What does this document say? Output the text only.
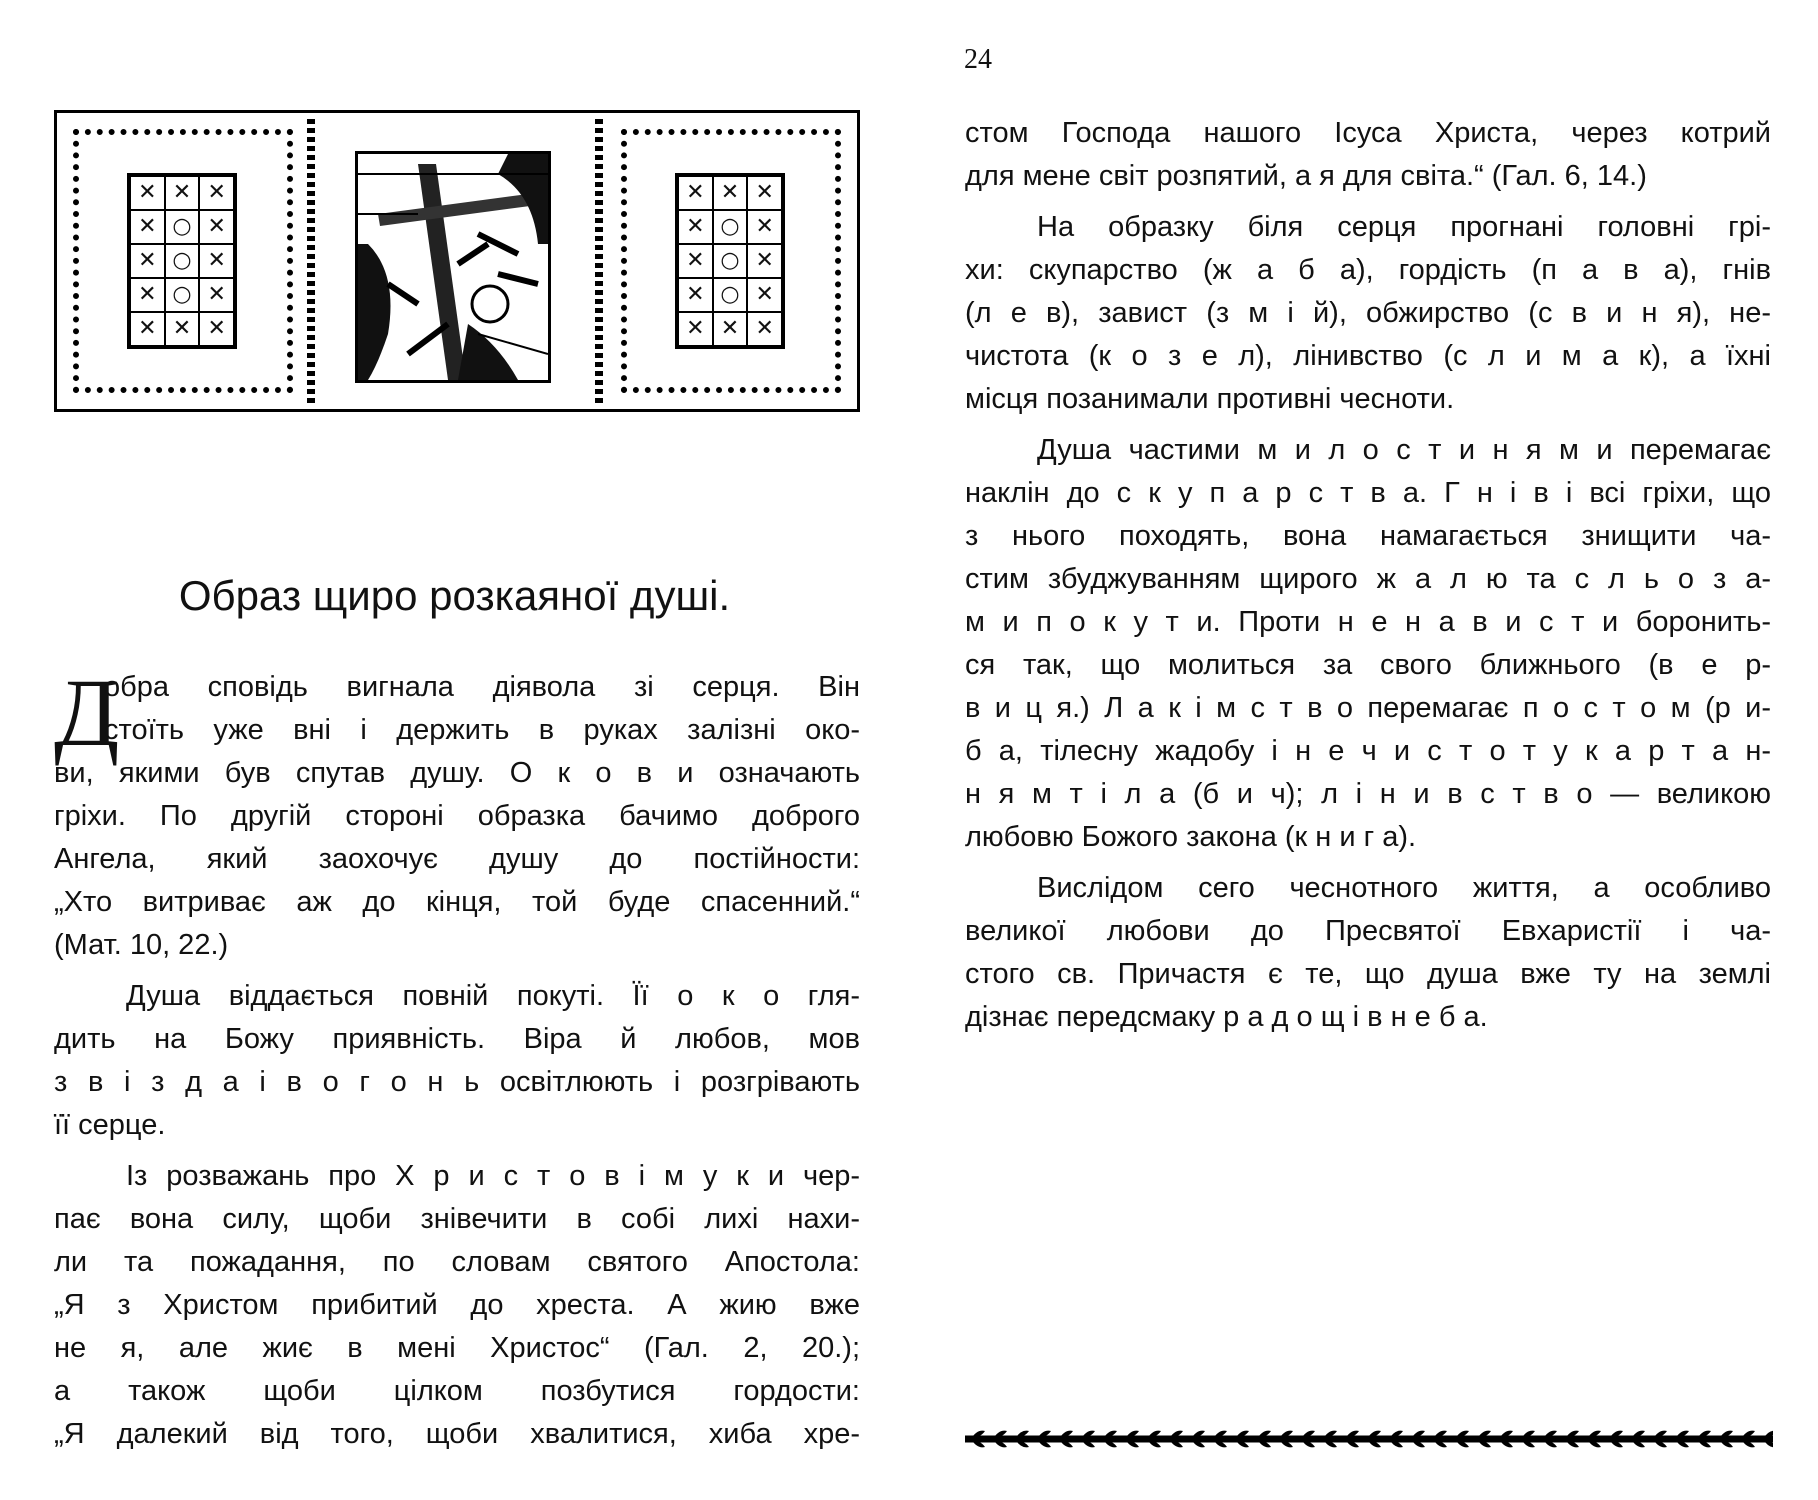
✕ ✕ ✕
✕ ○ ✕
✕ ○ ✕
✕ ○ ✕
✕ ✕ ✕
✕ ✕ ✕
✕ ○ ✕
✕ ○ ✕
✕ ○ ✕
✕ ✕ ✕
Образ щиро розкаяної душі.
Д
обра сповідь вигнала діявола зі серця. Він
стоїть уже вні і держить в руках залізні око-
ви, якими був спутав душу. О к о в и означають
гріхи. По другій стороні образка бачимо доброго
Ангела, який заохочує душу до постійности:
„Хто витриває аж до кінця, той буде спасенний.“
(Мат. 10, 22.)
Душа віддається повній покуті. Її о к о гля-
дить на Божу приявність. Віра й любов, мов
з в і з д а і в о г о н ь освітлюють і розгрівають
її серце.
Із розважань про Х р и с т о в і м у к и чер-
пає вона силу, щоби знівечити в собі лихі нахи-
ли та пожадання, по словам святого Апостола:
„Я з Христом прибитий до хреста. А жию вже
не я, але жиє в мені Христос“ (Гал. 2, 20.);
а також щоби цілком позбутися гордости:
„Я далекий від того, щоби хвалитися, хиба хре-
24
стом Господа нашого Ісуса Христа, через котрий
для мене світ розпятий, а я для світа.“ (Гал. 6, 14.)
На образку біля серця прогнані головні грі-
хи: скупарство (ж а б а), гордість (п а в а), гнів
(л е в), завист (з м і й), обжирство (с в и н я), не-
чистота (к о з е л), лінивство (с л и м а к), а їхні
місця позанимали противні чесноти.
Душа частими м и л о с т и н я м и перемагає
наклін до с к у п а р с т в а. Г н і в і всі гріхи, що
з нього походять, вона намагається знищити ча-
стим збуджуванням щирого ж а л ю та с л ь о з а-
м и п о к у т и. Проти н е н а в и с т и боронить-
ся так, що молиться за свого ближнього (в е р-
в и ц я.) Л а к і м с т в о перемагає п о с т о м (р и-
б а, тілесну жадобу і н е ч и с т о т у к а р т а н-
н я м т і л а (б и ч); л і н и в с т в о — великою
любовю Божого закона (к н и г а).
Вислідом сего чеснотного життя, а особливо
великої любови до Пресвятої Евхаристії і ча-
стого св. Причастя є те, що душа вже ту на землі
дізнає передсмаку р а д о щ і в н е б а.
